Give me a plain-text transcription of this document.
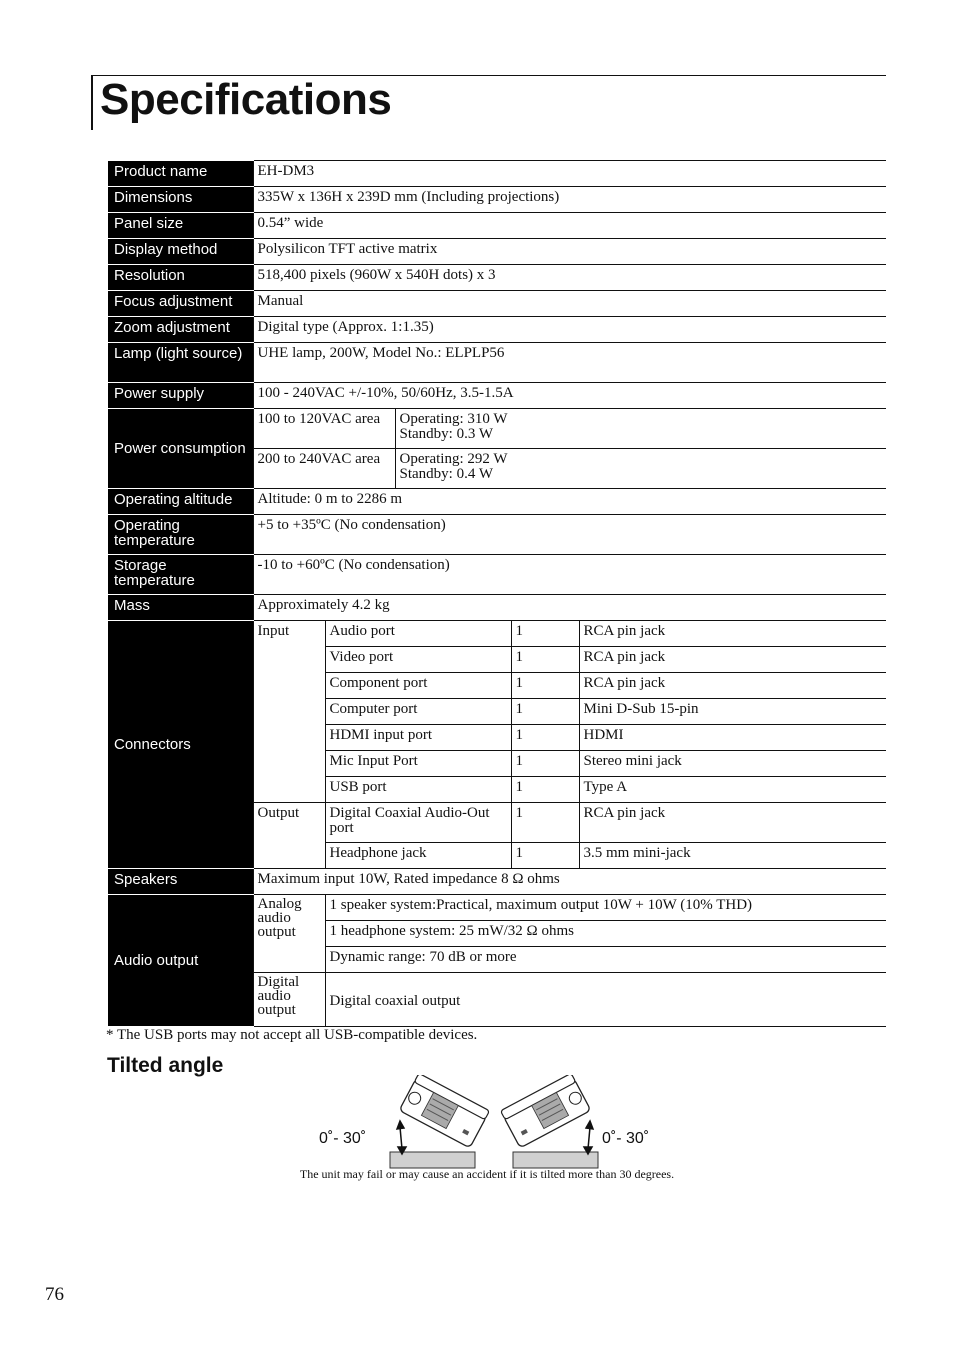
Specifications
Product name	EH-DM3				
Dimensions	335W x 136H x 239D mm (Including projections)				
Panel size	0.54” wide				
Display method	Polysilicon TFT active matrix				
Resolution	518,400 pixels (960W x 540H dots) x 3				
Focus adjustment	Manual				
Zoom adjustment	Digital type (Approx. 1:1.35)				
Lamp (light source)	UHE lamp, 200W, Model No.: ELPLP56				
Power supply	100 - 240VAC +/-10%, 50/60Hz, 3.5-1.5A				
Power consumption	100 to 120VAC area		Operating: 310 W
Standby: 0.3 W		

	200 to 240VAC area		Operating: 292 W
Standby: 0.4 W		

Operating altitude	Altitude: 0 m to 2286 m				
Operating temperature	+5 to +35ºC (No condensation)				
Storage temperature	-10 to +60ºC (No condensation)				
Mass	Approximately 4.2 kg				
Connectors	Input	Audio port		1	RCA pin jack
		Video port		1	RCA pin jack
		Component port		1	RCA pin jack
		Computer port		1	Mini D-Sub 15-pin
		HDMI input port		1	HDMI
		Mic Input Port		1	Stereo mini jack
		USB port		1	Type A
	Output	Digital Coaxial Audio-Out port		1	RCA pin jack
		Headphone jack		1	3.5 mm mini-jack
Speakers	Maximum input 10W, Rated impedance 8 Ω ohms				
Audio output	Analog audio output	1 speaker system:Practical, maximum output 10W + 10W (10% THD)			
		1 headphone system: 25 mW/32 Ω ohms			
		Dynamic range: 70 dB or more			
	Digital audio output	Digital coaxial output			
* The USB ports may not accept all USB-compatible devices.
Tilted angle
0˚- 30˚	0˚- 30˚
The unit may fail or may cause an accident if it is tilted more than 30 degrees.
76
